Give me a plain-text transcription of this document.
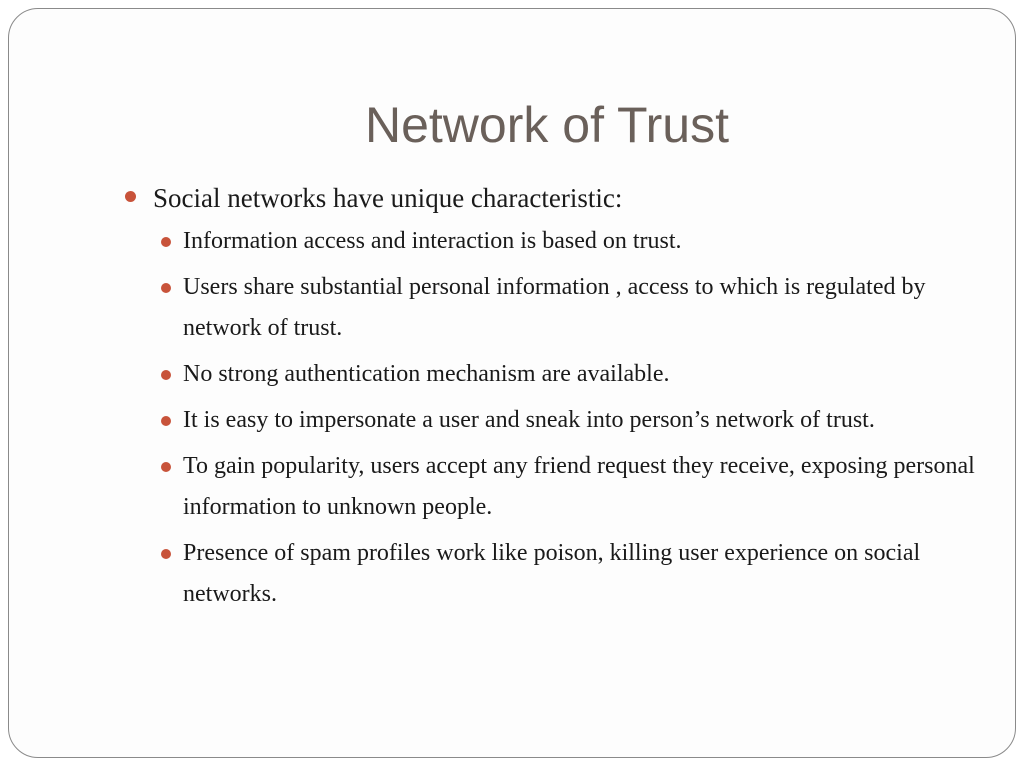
Network of Trust
Social networks have unique characteristic:
Information access and interaction is based on trust.
Users share substantial personal information , access to which is regulated by network of trust.
No strong authentication mechanism are available.
It is easy to impersonate a user and sneak into person’s network of trust.
To gain popularity, users accept any friend request they receive, exposing personal information to unknown people.
Presence of spam profiles work like poison, killing user experience on social networks.
